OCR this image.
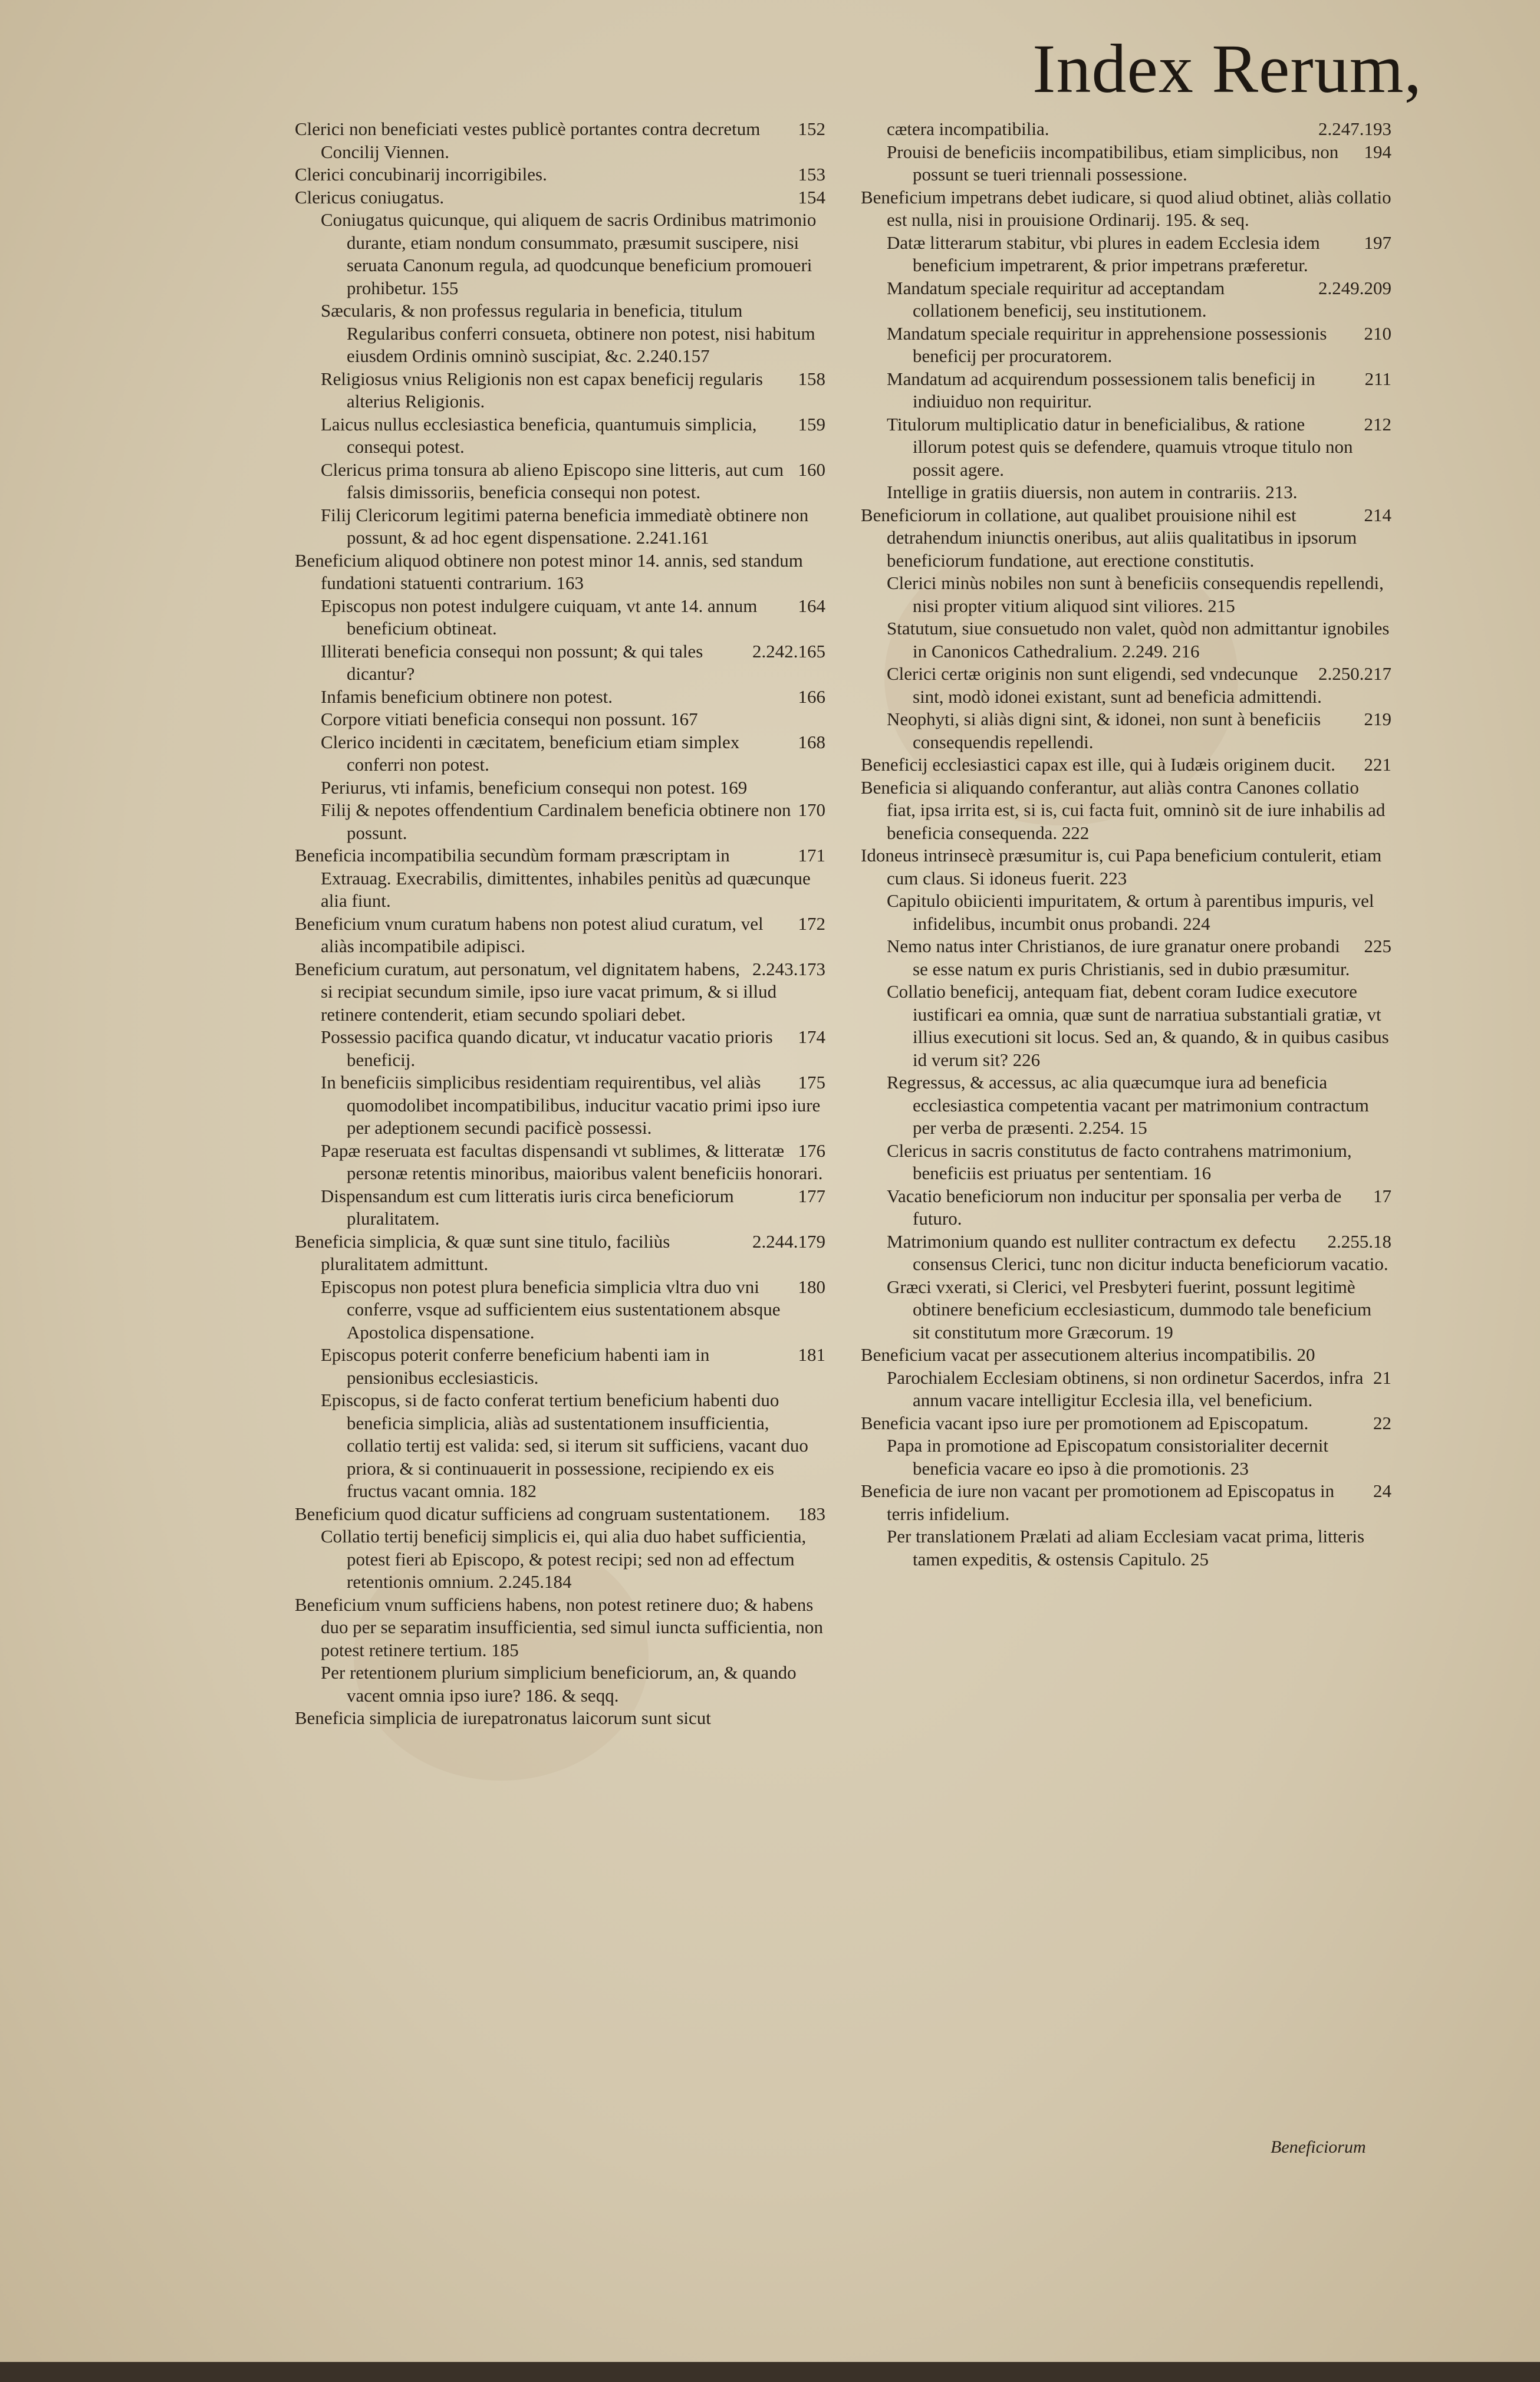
Index Rerum,

152
Clerici non beneficiati vestes publicè portantes contra decretum Concilij Viennen.

153
Clerici concubinarij incorrigibiles.

154
Clericus coniugatus.

Coniugatus quicunque, qui aliquem de sacris Ordinibus matrimonio durante, etiam nondum consummato, præsumit suscipere, nisi seruata Canonum regula, ad quodcunque beneficium promoueri prohibetur. 155

Sæcularis, & non professus regularia in beneficia, titulum Regularibus conferri consueta, obtinere non potest, nisi habitum eiusdem Ordinis omninò suscipiat, &c. 2.240.157

158
Religiosus vnius Religionis non est capax beneficij regularis alterius Religionis.

159
Laicus nullus ecclesiastica beneficia, quantumuis simplicia, consequi potest.

160
Clericus prima tonsura ab alieno Episcopo sine litteris, aut cum falsis dimissoriis, beneficia consequi non potest.

Filij Clericorum legitimi paterna beneficia immediatè obtinere non possunt, & ad hoc egent dispensatione. 2.241.161

Beneficium aliquod obtinere non potest minor 14. annis, sed standum fundationi statuenti contrarium. 163

164
Episcopus non potest indulgere cuiquam, vt ante 14. annum beneficium obtineat.

2.242.165
Illiterati beneficia consequi non possunt; & qui tales dicantur?

166
Infamis beneficium obtinere non potest.

Corpore vitiati beneficia consequi non possunt. 167

168
Clerico incidenti in cæcitatem, beneficium etiam simplex conferri non potest.

Periurus, vti infamis, beneficium consequi non potest. 169

170
Filij & nepotes offendentium Cardinalem beneficia obtinere non possunt.

171
Beneficia incompatibilia secundùm formam præscriptam in Extrauag. Execrabilis, dimittentes, inhabiles penitùs ad quæcunque alia fiunt.

172
Beneficium vnum curatum habens non potest aliud curatum, vel aliàs incompatibile adipisci.

2.243.173
Beneficium curatum, aut personatum, vel dignitatem habens, si recipiat secundum simile, ipso iure vacat primum, & si illud retinere contenderit, etiam secundo spoliari debet.

174
Possessio pacifica quando dicatur, vt inducatur vacatio prioris beneficij.

175
In beneficiis simplicibus residentiam requirentibus, vel aliàs quomodolibet incompatibilibus, inducitur vacatio primi ipso iure per adeptionem secundi pacificè possessi.

176
Papæ reseruata est facultas dispensandi vt sublimes, & litteratæ personæ retentis minoribus, maioribus valent beneficiis honorari.

177
Dispensandum est cum litteratis iuris circa beneficiorum pluralitatem.

2.244.179
Beneficia simplicia, & quæ sunt sine titulo, faciliùs pluralitatem admittunt.

180
Episcopus non potest plura beneficia simplicia vltra duo vni conferre, vsque ad sufficientem eius sustentationem absque Apostolica dispensatione.

181
Episcopus poterit conferre beneficium habenti iam in pensionibus ecclesiasticis.

Episcopus, si de facto conferat tertium beneficium habenti duo beneficia simplicia, aliàs ad sustentationem insufficientia, collatio tertij est valida: sed, si iterum sit sufficiens, vacant duo priora, & si continuauerit in possessione, recipiendo ex eis fructus vacant omnia. 182

183
Beneficium quod dicatur sufficiens ad congruam sustentationem.

Collatio tertij beneficij simplicis ei, qui alia duo habet sufficientia, potest fieri ab Episcopo, & potest recipi; sed non ad effectum retentionis omnium. 2.245.184

Beneficium vnum sufficiens habens, non potest retinere duo; & habens duo per se separatim insufficientia, sed simul iuncta sufficientia, non potest retinere tertium. 185

Per retentionem plurium simplicium beneficiorum, an, & quando vacent omnia ipso iure? 186. & seqq.

Beneficia simplicia de iurepatronatus laicorum sunt sicut

2.247.193
cætera incompatibilia.

194
Prouisi de beneficiis incompatibilibus, etiam simplicibus, non possunt se tueri triennali possessione.

Beneficium impetrans debet iudicare, si quod aliud obtinet, aliàs collatio est nulla, nisi in prouisione Ordinarij. 195. & seq.

197
Datæ litterarum stabitur, vbi plures in eadem Ecclesia idem beneficium impetrarent, & prior impetrans præferetur.

2.249.209
Mandatum speciale requiritur ad acceptandam collationem beneficij, seu institutionem.

210
Mandatum speciale requiritur in apprehensione possessionis beneficij per procuratorem.

211
Mandatum ad acquirendum possessionem talis beneficij in indiuiduo non requiritur.

212
Titulorum multiplicatio datur in beneficialibus, & ratione illorum potest quis se defendere, quamuis vtroque titulo non possit agere.

Intellige in gratiis diuersis, non autem in contrariis. 213.

214
Beneficiorum in collatione, aut qualibet prouisione nihil est detrahendum iniunctis oneribus, aut aliis qualitatibus in ipsorum beneficiorum fundatione, aut erectione constitutis.

Clerici minùs nobiles non sunt à beneficiis consequendis repellendi, nisi propter vitium aliquod sint viliores. 215

Statutum, siue consuetudo non valet, quòd non admittantur ignobiles in Canonicos Cathedralium. 2.249. 216

2.250.217
Clerici certæ originis non sunt eligendi, sed vndecunque sint, modò idonei existant, sunt ad beneficia admittendi.

219
Neophyti, si aliàs digni sint, & idonei, non sunt à beneficiis consequendis repellendi.

221
Beneficij ecclesiastici capax est ille, qui à Iudæis originem ducit.

Beneficia si aliquando conferantur, aut aliàs contra Canones collatio fiat, ipsa irrita est, si is, cui facta fuit, omninò sit de iure inhabilis ad beneficia consequenda. 222

Idoneus intrinsecè præsumitur is, cui Papa beneficium contulerit, etiam cum claus. Si idoneus fuerit. 223

Capitulo obiicienti impuritatem, & ortum à parentibus impuris, vel infidelibus, incumbit onus probandi. 224

225
Nemo natus inter Christianos, de iure granatur onere probandi se esse natum ex puris Christianis, sed in dubio præsumitur.

Collatio beneficij, antequam fiat, debent coram Iudice executore iustificari ea omnia, quæ sunt de narratiua substantiali gratiæ, vt illius executioni sit locus. Sed an, & quando, & in quibus casibus id verum sit? 226

Regressus, & accessus, ac alia quæcumque iura ad beneficia ecclesiastica competentia vacant per matrimonium contractum per verba de præsenti. 2.254. 15

Clericus in sacris constitutus de facto contrahens matrimonium, beneficiis est priuatus per sententiam. 16

17
Vacatio beneficiorum non inducitur per sponsalia per verba de futuro.

2.255.18
Matrimonium quando est nulliter contractum ex defectu consensus Clerici, tunc non dicitur inducta beneficiorum vacatio.

Græci vxerati, si Clerici, vel Presbyteri fuerint, possunt legitimè obtinere beneficium ecclesiasticum, dummodo tale beneficium sit constitutum more Græcorum. 19

Beneficium vacat per assecutionem alterius incompatibilis. 20

21
Parochialem Ecclesiam obtinens, si non ordinetur Sacerdos, infra annum vacare intelligitur Ecclesia illa, vel beneficium.

22
Beneficia vacant ipso iure per promotionem ad Episcopatum.

Papa in promotione ad Episcopatum consistorialiter decernit beneficia vacare eo ipso à die promotionis. 23

24
Beneficia de iure non vacant per promotionem ad Episcopatus in terris infidelium.

Per translationem Prælati ad aliam Ecclesiam vacat prima, litteris tamen expeditis, & ostensis Capitulo. 25

Beneficiorum
